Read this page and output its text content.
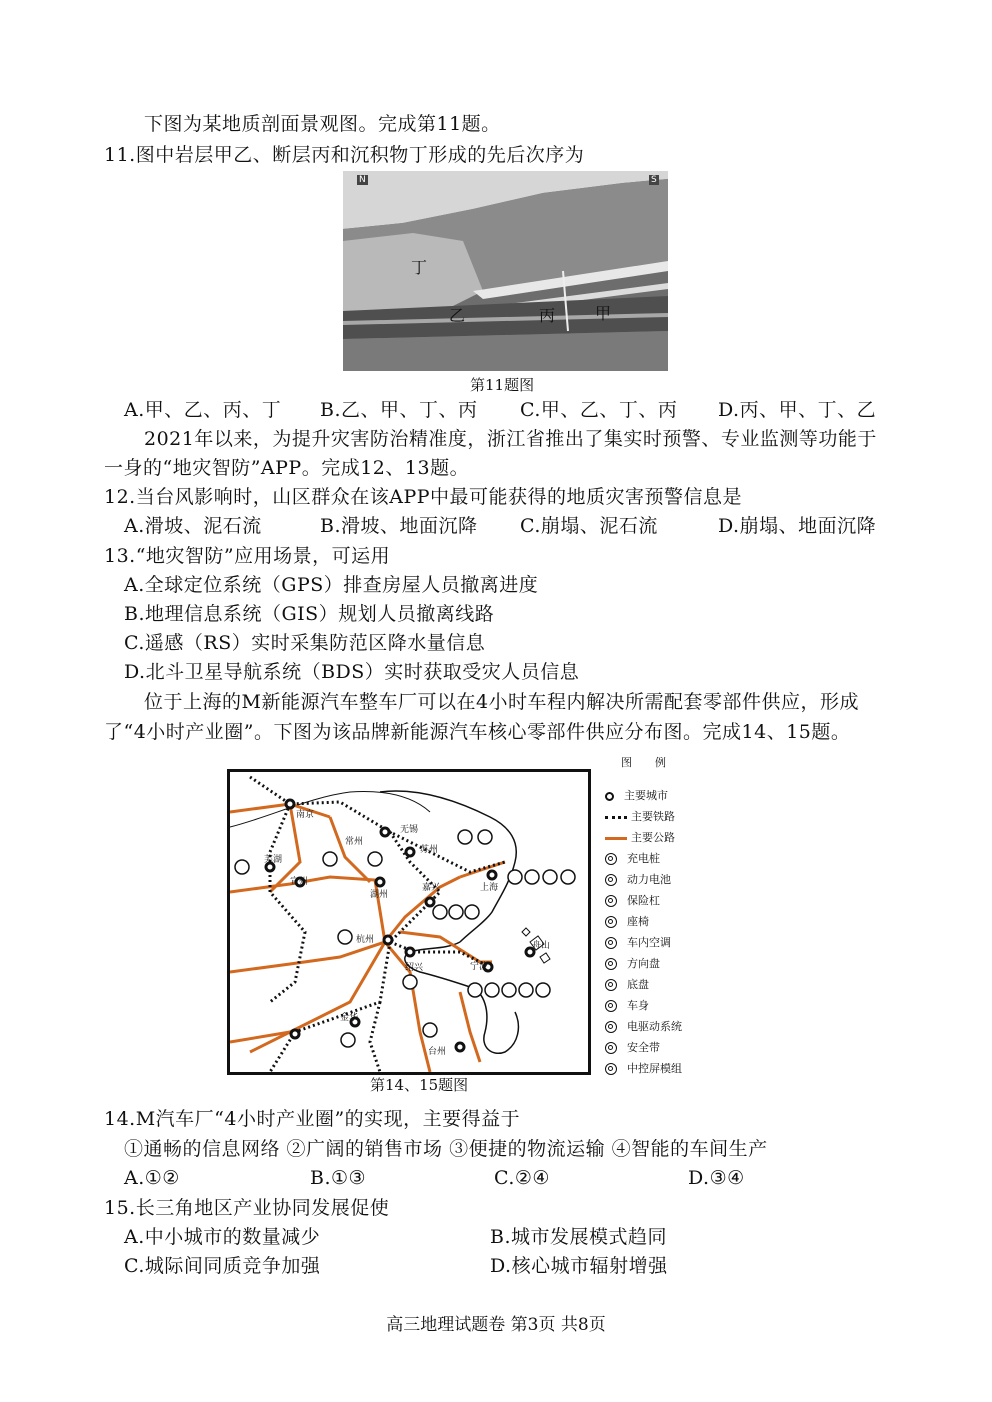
下图为某地质剖面景观图。完成第11题。
11.图中岩层甲乙、断层丙和沉积物丁形成的先后次序为
N	S
丁
乙	丙 甲
第11题图
A.甲、乙、丙、丁 B.乙、甲、丁、丙 C.甲、乙、丁、丙 D.丙、甲、丁、乙
2021年以来，为提升灾害防治精准度，浙江省推出了集实时预警、专业监测等功能于
一身的“地灾智防”APP。完成12、13题。
12.当台风影响时，山区群众在该APP中最可能获得的地质灾害预警信息是
A.滑坡、泥石流	B.滑坡、地面沉降 C.崩塌、泥石流	D.崩塌、地面沉降
13.“地灾智防”应用场景，可运用
A.全球定位系统（GPS）排查房屋人员撤离进度
B.地理信息系统（GIS）规划人员撤离线路
C.遥感（RS）实时采集防范区降水量信息
D.北斗卫星导航系统（BDS）实时获取受灾人员信息
位于上海的M新能源汽车整车厂可以在4小时车程内解决所需配套零部件供应，形成
了“4小时产业圈”。下图为该品牌新能源汽车核心零部件供应分布图。完成14、15题。
南京
常州
无锡
苏州
芜湖
宣州
湖州
嘉兴	上海
杭州
绍兴	宁波
舟山
金华
台州
图　例
主要城市
主要铁路
主要公路
充电桩
动力电池
保险杠
座椅
车内空调
方向盘
底盘
车身
电驱动系统
安全带
中控屏模组
第14、15题图
14.M汽车厂“4小时产业圈”的实现，主要得益于
①通畅的信息网络 ②广阔的销售市场 ③便捷的物流运输 ④智能的车间生产
A.①②	B.①③	C.②④	D.③④
15.长三角地区产业协同发展促使
A.中小城市的数量减少	B.城市发展模式趋同
C.城际间同质竞争加强	D.核心城市辐射增强
高三地理试题卷 第3页 共8页
